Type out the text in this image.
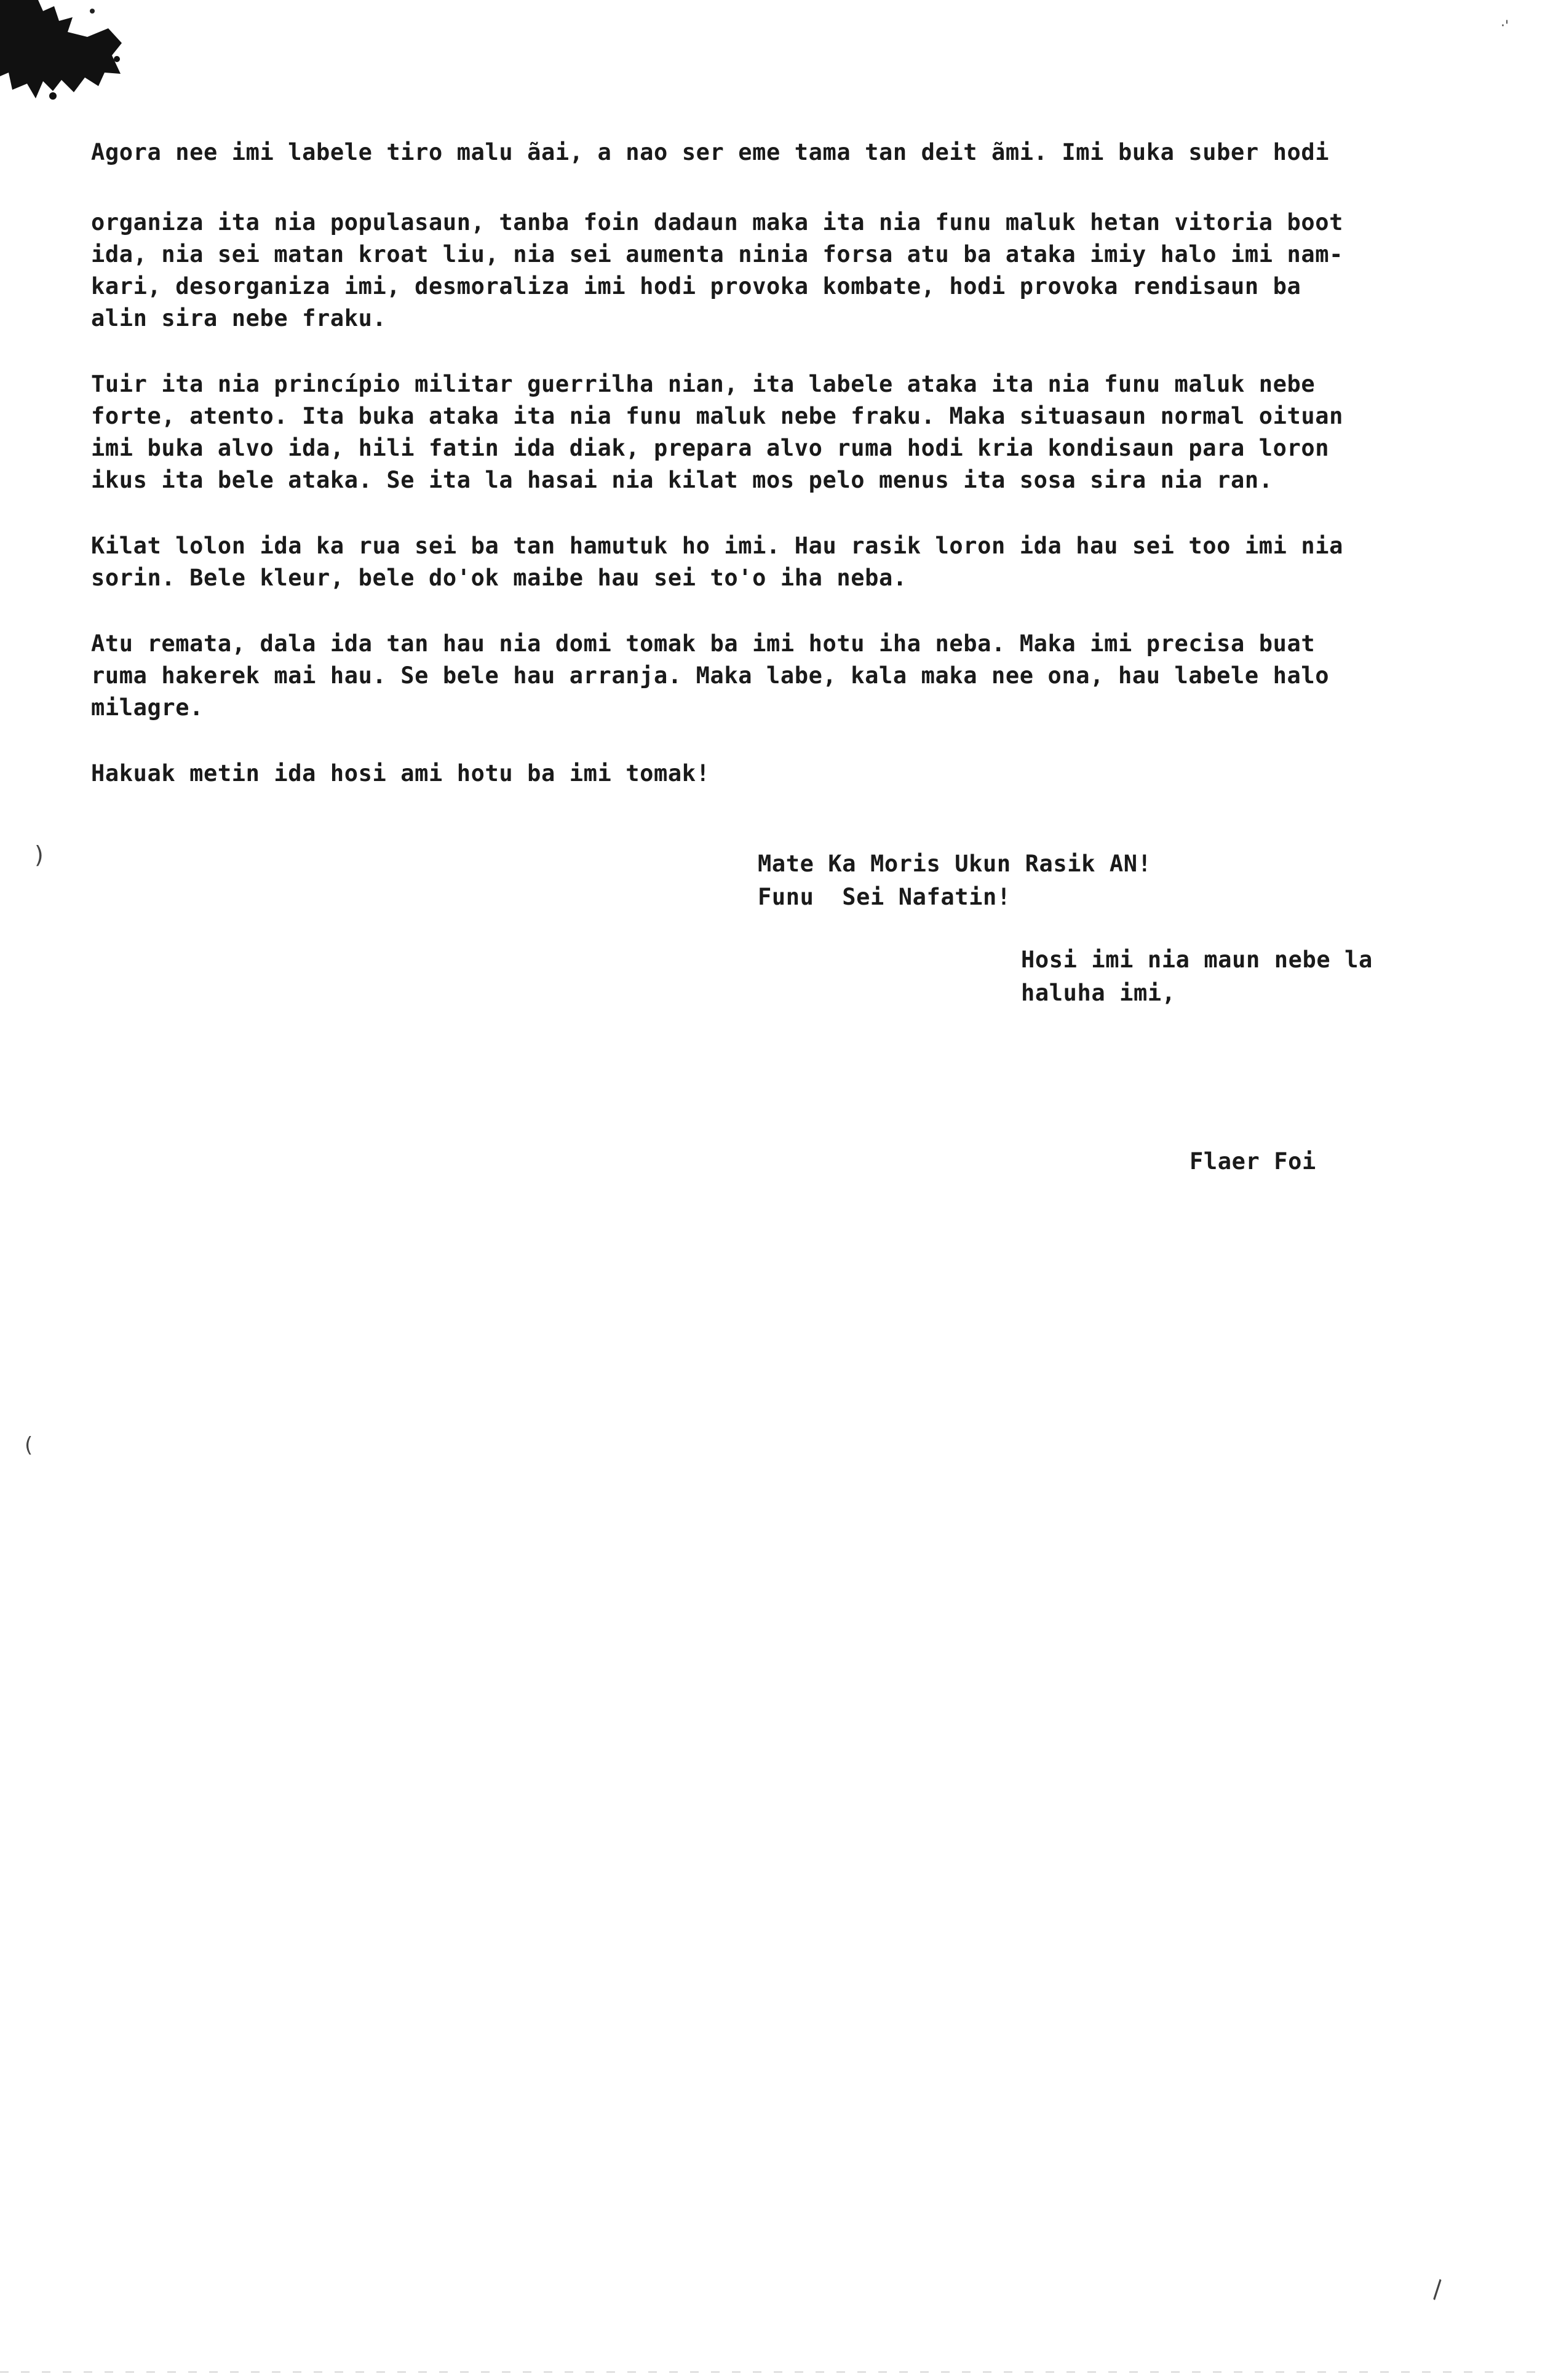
·'

Agora nee imi labele tiro malu ãai, a nao ser eme tama tan deit ãmi. Imi buka suber hodi

organiza ita nia populasaun, tanba foin dadaun maka ita nia funu maluk hetan vitoria boot
ida, nia sei matan kroat liu, nia sei aumenta ninia forsa atu ba ataka imiy halo imi nam-
kari, desorganiza imi, desmoraliza imi hodi provoka kombate, hodi provoka rendisaun ba
alin sira nebe fraku.

Tuir ita nia princípio militar guerrilha nian, ita labele ataka ita nia funu maluk nebe
forte, atento. Ita buka ataka ita nia funu maluk nebe fraku. Maka situasaun normal oituan
imi buka alvo ida, hili fatin ida diak, prepara alvo ruma hodi kria kondisaun para loron
ikus ita bele ataka. Se ita la hasai nia kilat mos pelo menus ita sosa sira nia ran.

Kilat lolon ida ka rua sei ba tan hamutuk ho imi. Hau rasik loron ida hau sei too imi nia
sorin. Bele kleur, bele do'ok maibe hau sei to'o iha neba.

Atu remata, dala ida tan hau nia domi tomak ba imi hotu iha neba. Maka imi precisa buat
ruma hakerek mai hau. Se bele hau arranja. Maka labe, kala maka nee ona, hau labele halo
milagre.

Hakuak metin ida hosi ami hotu ba imi tomak!

)	Mate Ka Moris Ukun Rasik AN!
Funu  Sei Nafatin!
Hosi imi nia maun nebe la
haluha imi,
Flaer Foi
(
∖
